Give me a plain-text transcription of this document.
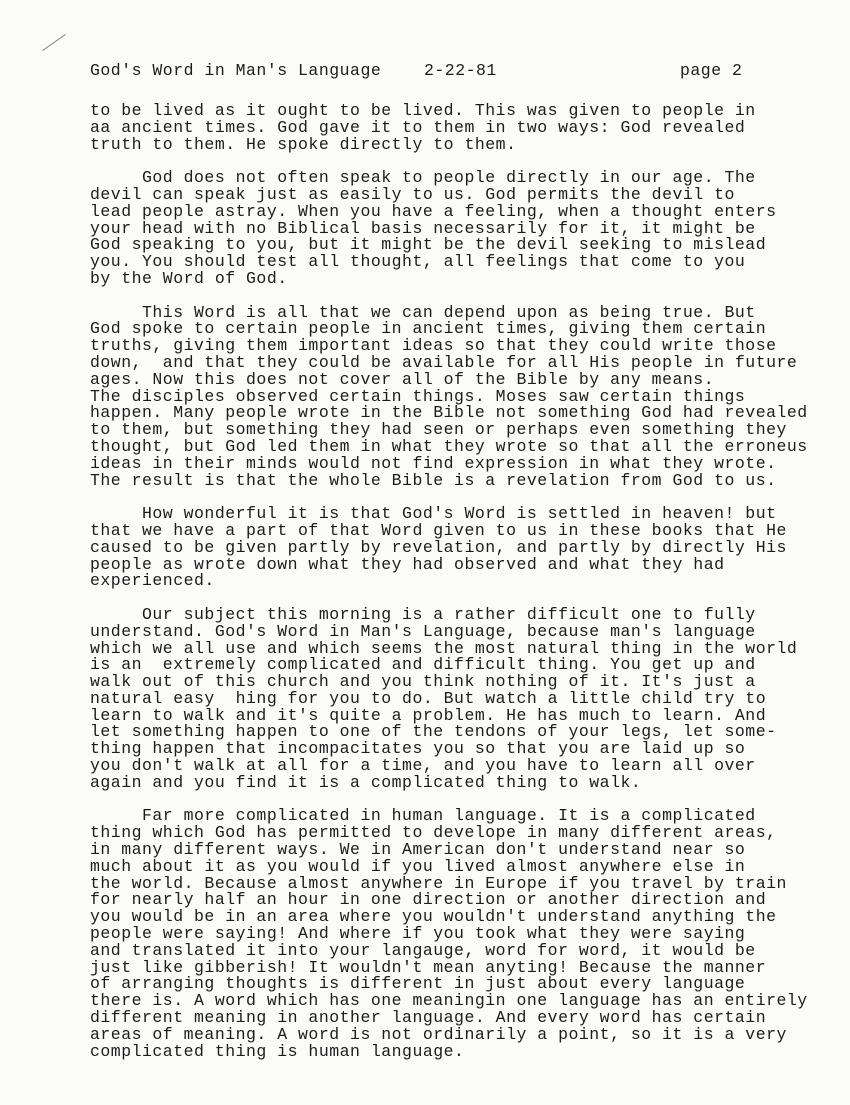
God's Word in Man's Language	2-22-81	page 2
to be lived as it ought to be lived. This was given to people in
aa ancient times. God gave it to them in two ways: God revealed
truth to them. He spoke directly to them.
God does not often speak to people directly in our age. The
devil can speak just as easily to us. God permits the devil to
lead people astray. When you have a feeling, when a thought enters
your head with no Biblical basis necessarily for it, it might be
God speaking to you, but it might be the devil seeking to mislead
you. You should test all thought, all feelings that come to you
by the Word of God.
This Word is all that we can depend upon as being true. But
God spoke to certain people in ancient times, giving them certain
truths, giving them important ideas so that they could write those
down,  and that they could be available for all His people in future
ages. Now this does not cover all of the Bible by any means.
The disciples observed certain things. Moses saw certain things
happen. Many people wrote in the Bible not something God had revealed
to them, but something they had seen or perhaps even something they
thought, but God led them in what they wrote so that all the erroneus
ideas in their minds would not find expression in what they wrote.
The result is that the whole Bible is a revelation from God to us.
How wonderful it is that God's Word is settled in heaven! but
that we have a part of that Word given to us in these books that He
caused to be given partly by revelation, and partly by directly His
people as wrote down what they had observed and what they had
experienced.
Our subject this morning is a rather difficult one to fully
understand. God's Word in Man's Language, because man's language
which we all use and which seems the most natural thing in the world
is an  extremely complicated and difficult thing. You get up and
walk out of this church and you think nothing of it. It's just a
natural easy  hing for you to do. But watch a little child try to
learn to walk and it's quite a problem. He has much to learn. And
let something happen to one of the tendons of your legs, let some-
thing happen that incompacitates you so that you are laid up so
you don't walk at all for a time, and you have to learn all over
again and you find it is a complicated thing to walk.
Far more complicated in human language. It is a complicated
thing which God has permitted to develope in many different areas,
in many different ways. We in American don't understand near so
much about it as you would if you lived almost anywhere else in
the world. Because almost anywhere in Europe if you travel by train
for nearly half an hour in one direction or another direction and
you would be in an area where you wouldn't understand anything the
people were saying! And where if you took what they were saying
and translated it into your langauge, word for word, it would be
just like gibberish! It wouldn't mean anyting! Because the manner
of arranging thoughts is different in just about every language
there is. A word which has one meaningin one language has an entirely
different meaning in another language. And every word has certain
areas of meaning. A word is not ordinarily a point, so it is a very
complicated thing is human language.
